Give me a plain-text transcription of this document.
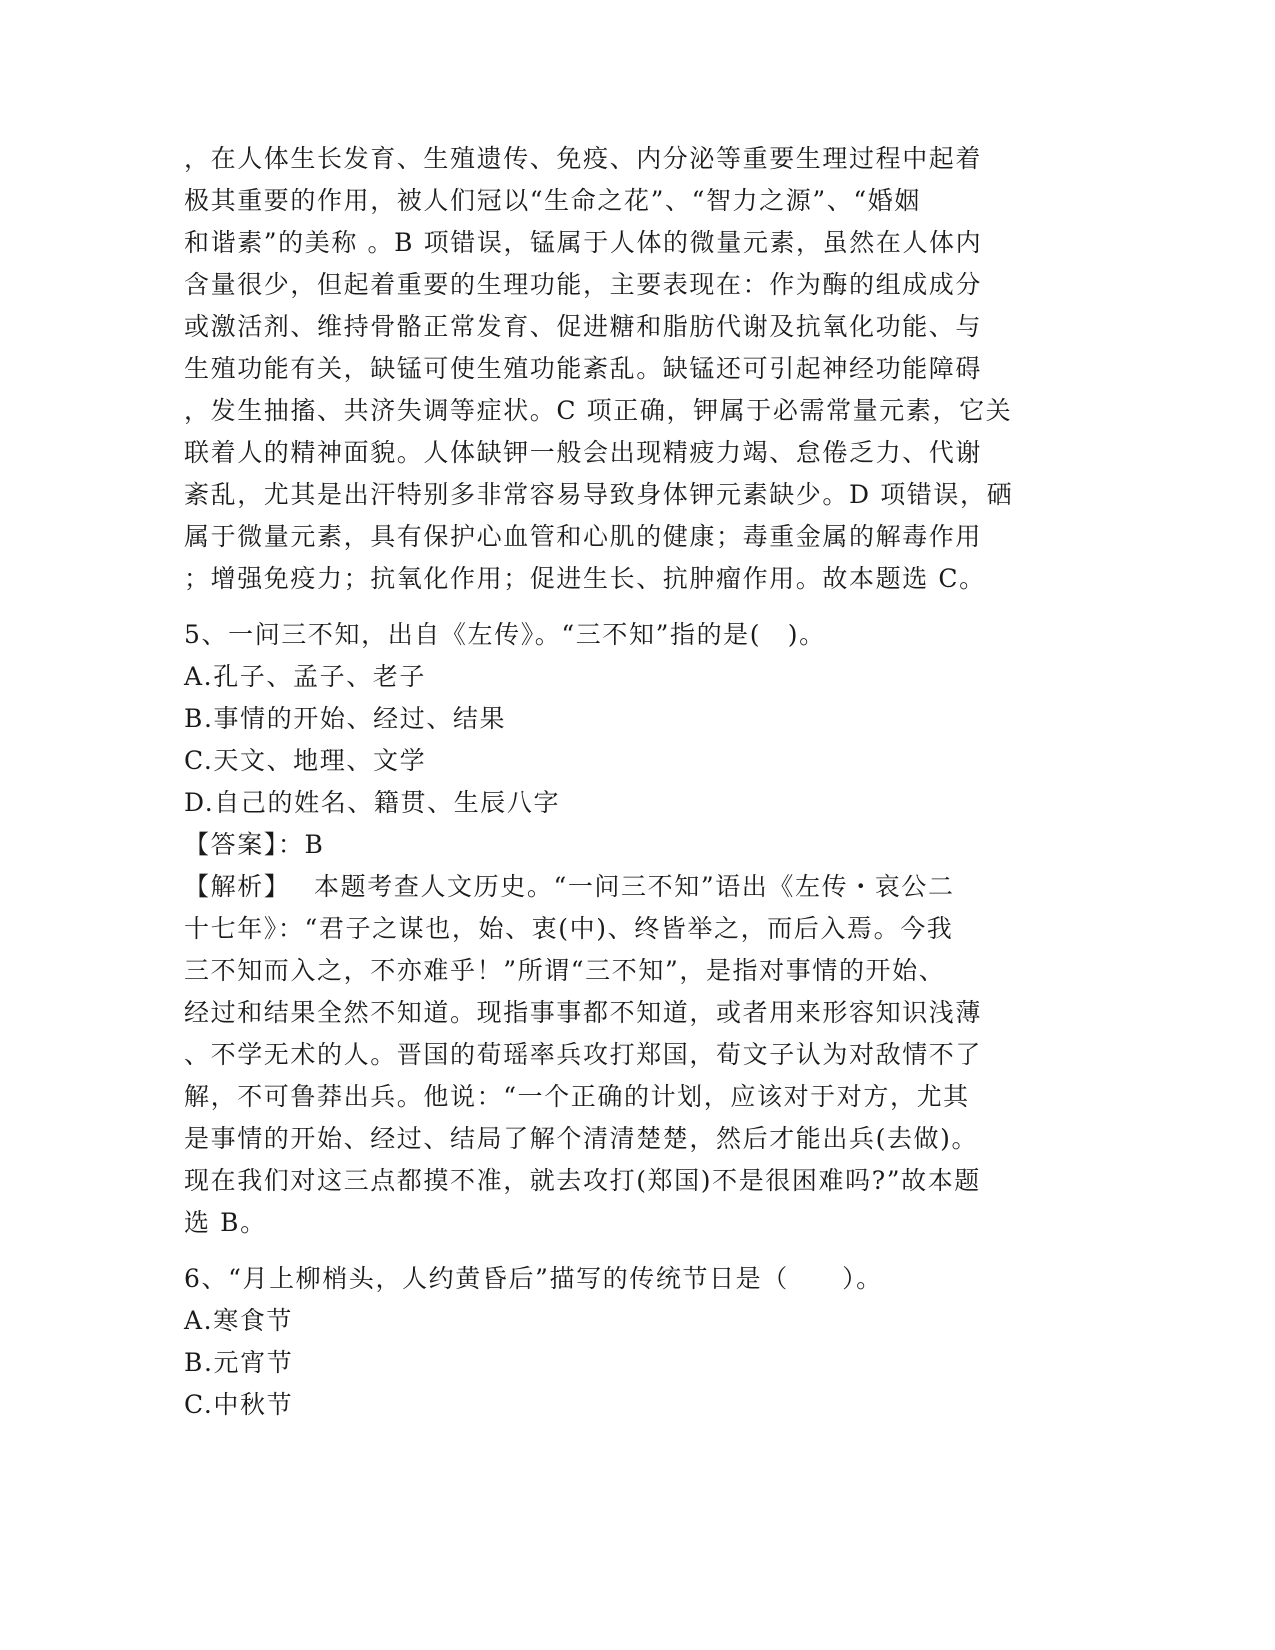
，在人体生长发育、生殖遗传、免疫、内分泌等重要生理过程中起着
极其重要的作用，被人们冠以“生命之花”、“智力之源”、“婚姻
和谐素”的美称 。B 项错误，锰属于人体的微量元素，虽然在人体内
含量很少，但起着重要的生理功能，主要表现在：作为酶的组成成分
或激活剂、维持骨骼正常发育、促进糖和脂肪代谢及抗氧化功能、与
生殖功能有关，缺锰可使生殖功能紊乱。缺锰还可引起神经功能障碍
，发生抽搐、共济失调等症状。C 项正确，钾属于必需常量元素，它关
联着人的精神面貌。人体缺钾一般会出现精疲力竭、怠倦乏力、代谢
紊乱，尤其是出汗特别多非常容易导致身体钾元素缺少。D 项错误，硒
属于微量元素，具有保护心血管和心肌的健康；毒重金属的解毒作用
；增强免疫力；抗氧化作用；促进生长、抗肿瘤作用。故本题选 C。
5、一问三不知，出自《左传》。“三不知”指的是(　)。
A.孔子、孟子、老子
B.事情的开始、经过、结果
C.天文、地理、文学
D.自己的姓名、籍贯、生辰八字
【答案】：B
【解析】　 本题考查人文历史。“一问三不知”语出《左传・哀公二
十七年》：“君子之谋也，始、衷(中)、终皆举之，而后入焉。今我
三不知而入之，不亦难乎！”所谓“三不知”，是指对事情的开始、
经过和结果全然不知道。现指事事都不知道，或者用来形容知识浅薄
、不学无术的人。晋国的荀瑶率兵攻打郑国，荀文子认为对敌情不了
解，不可鲁莽出兵。他说：“一个正确的计划，应该对于对方，尤其
是事情的开始、经过、结局了解个清清楚楚，然后才能出兵(去做)。
现在我们对这三点都摸不准，就去攻打(郑国)不是很困难吗?”故本题
选 B。
6、“月上柳梢头，人约黄昏后”描写的传统节日是（　　）。
A.寒食节
B.元宵节
C.中秋节
